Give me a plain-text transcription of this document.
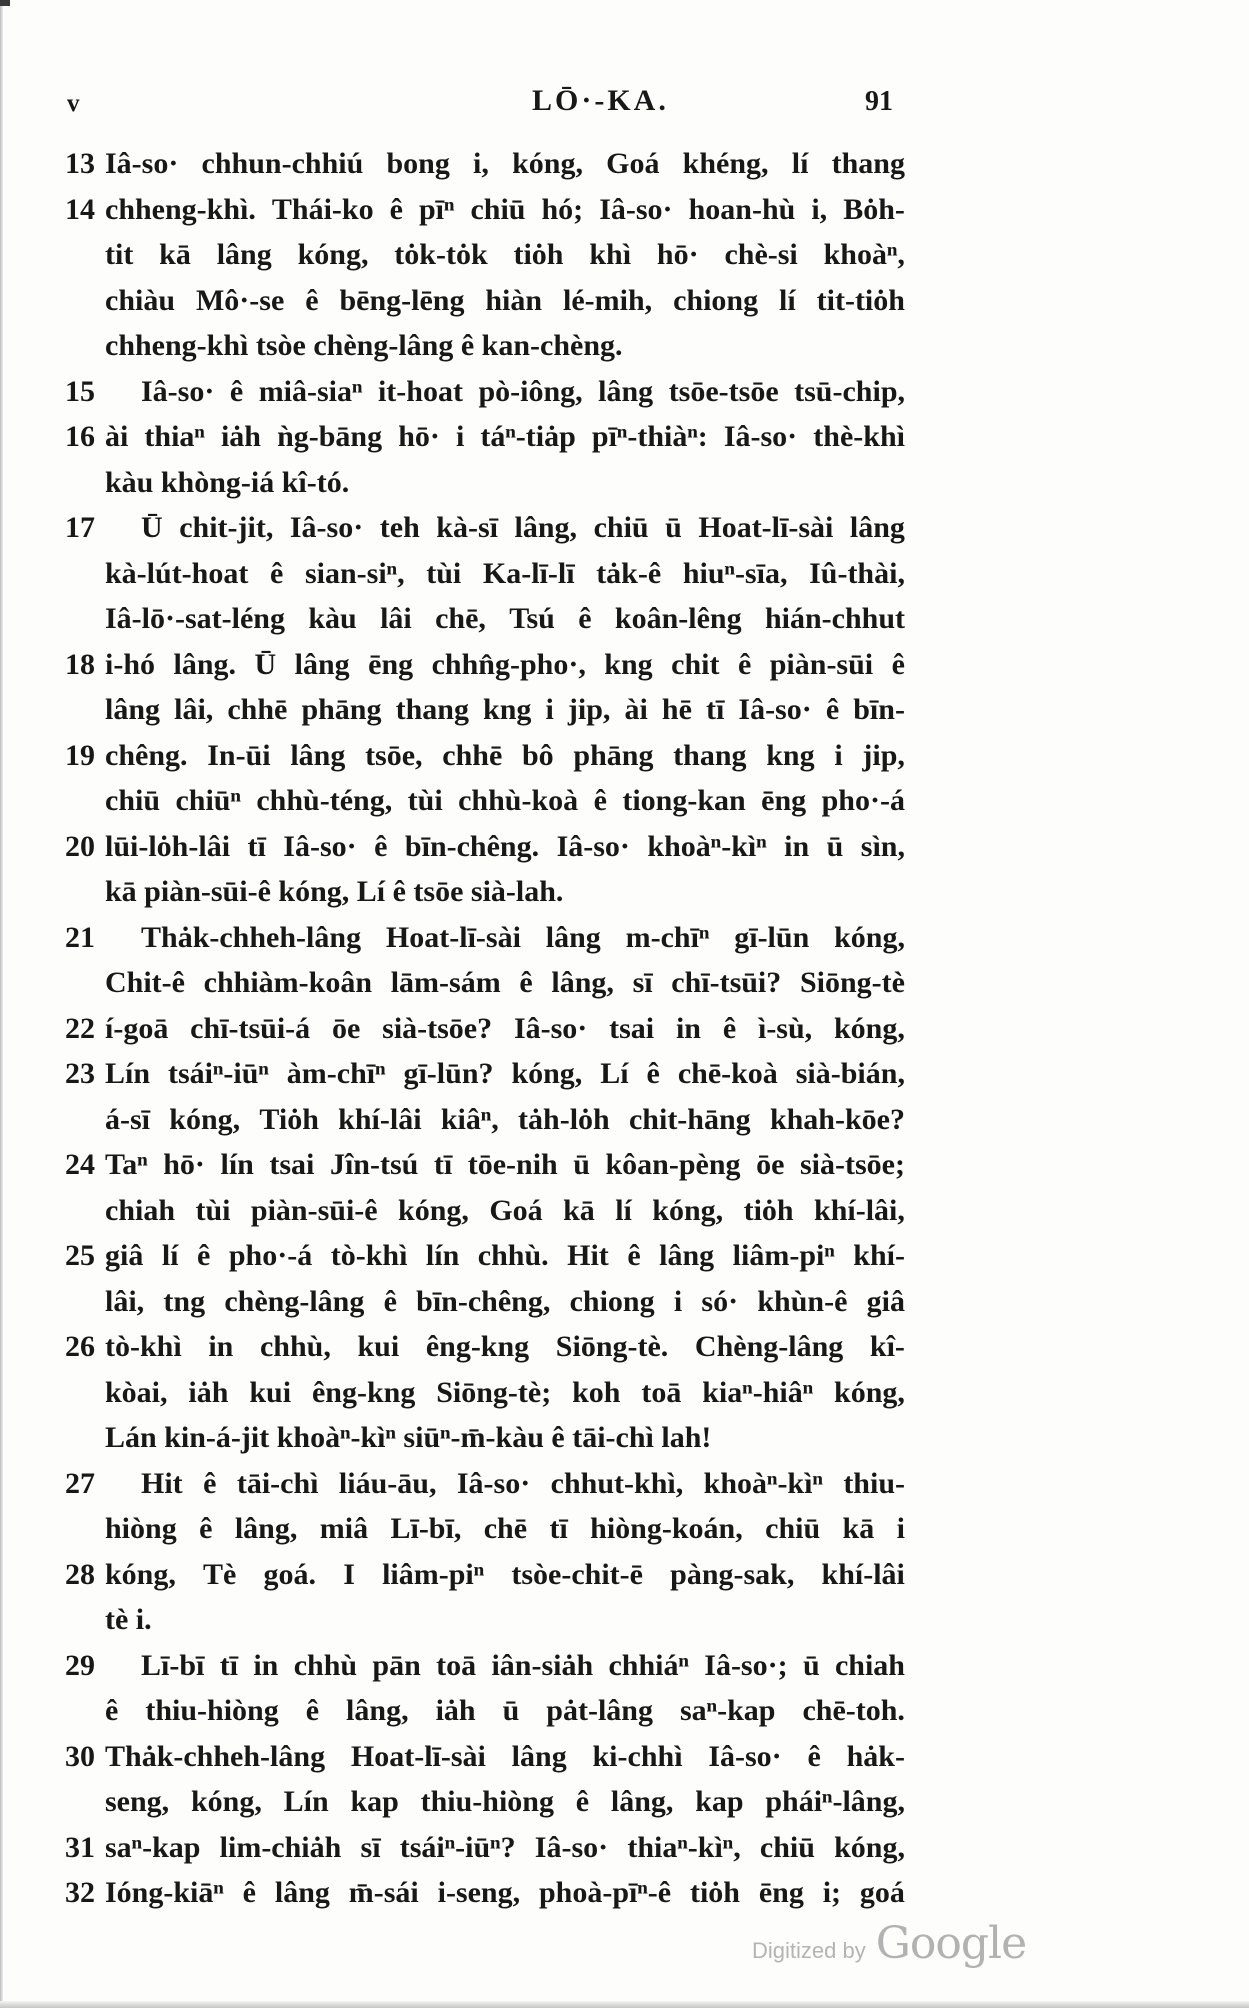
v	LŌ·-KA.	91
13 Iâ-so· chhun-chhiú bong i, kóng, Goá khéng, lí thang
14 chheng-khì. Thái-ko ê pīⁿ chiū hó; Iâ-so· hoan-hù i, Bȯh-
tit kā lâng kóng, tȯk-tȯk tiȯh khì hō· chè-si khoàⁿ,
chiàu Mô·-se ê bēng-lēng hiàn lé-mih, chiong lí tit-tiȯh
chheng-khì tsòe chèng-lâng ê kan-chèng.
15	Iâ-so· ê miâ-siaⁿ it-hoat pò-iông, lâng tsōe-tsōe tsū-chip,
16 ài thiaⁿ iȧh ǹg-bāng hō· i táⁿ-tiȧp pīⁿ-thiàⁿ: Iâ-so· thè-khì
kàu khòng-iá kî-tó.
17	Ū chit-jit, Iâ-so· teh kà-sī lâng, chiū ū Hoat-lī-sài lâng
kà-lút-hoat ê sian-siⁿ, tùi Ka-lī-lī tȧk-ê hiuⁿ-sīa, Iû-thài,
Iâ-lō·-sat-léng kàu lâi chē, Tsú ê koân-lêng hián-chhut
18 i-hó lâng. Ū lâng ēng chhn̂g-pho·, kng chit ê piàn-sūi ê
lâng lâi, chhē phāng thang kng i jip, ài hē tī Iâ-so· ê bīn-
19 chêng. In-ūi lâng tsōe, chhē bô phāng thang kng i jip,
chiū chiūⁿ chhù-téng, tùi chhù-koà ê tiong-kan ēng pho·-á
20 lūi-lȯh-lâi tī Iâ-so· ê bīn-chêng. Iâ-so· khoàⁿ-kìⁿ in ū sìn,
kā piàn-sūi-ê kóng, Lí ê tsōe sià-lah.
21	Thȧk-chheh-lâng Hoat-lī-sài lâng m-chīⁿ gī-lūn kóng,
Chit-ê chhiàm-koân lām-sám ê lâng, sī chī-tsūi? Siōng-tè
22 í-goā chī-tsūi-á ōe sià-tsōe? Iâ-so· tsai in ê ì-sù, kóng,
23 Lín tsáiⁿ-iūⁿ àm-chīⁿ gī-lūn? kóng, Lí ê chē-koà sià-bián,
á-sī kóng, Tiȯh khí-lâi kiâⁿ, tȧh-lȯh chit-hāng khah-kōe?
24 Taⁿ hō· lín tsai Jîn-tsú tī tōe-nih ū kôan-pèng ōe sià-tsōe;
chiah tùi piàn-sūi-ê kóng, Goá kā lí kóng, tiȯh khí-lâi,
25 giâ lí ê pho·-á tò-khì lín chhù. Hit ê lâng liâm-piⁿ khí-
lâi, tng chèng-lâng ê bīn-chêng, chiong i só· khùn-ê giâ
26 tò-khì in chhù, kui êng-kng Siōng-tè. Chèng-lâng kî-
kòai, iȧh kui êng-kng Siōng-tè; koh toā kiaⁿ-hiâⁿ kóng,
Lán kin-á-jit khoàⁿ-kìⁿ siūⁿ-m̄-kàu ê tāi-chì lah!
27	Hit ê tāi-chì liáu-āu, Iâ-so· chhut-khì, khoàⁿ-kìⁿ thiu-
hiòng ê lâng, miâ Lī-bī, chē tī hiòng-koán, chiū kā i
28 kóng, Tè goá. I liâm-piⁿ tsòe-chit-ē pàng-sak, khí-lâi
tè i.
29	Lī-bī tī in chhù pān toā iân-siȧh chhiáⁿ Iâ-so·; ū chiah
ê thiu-hiòng ê lâng, iȧh ū pȧt-lâng saⁿ-kap chē-toh.
30 Thȧk-chheh-lâng Hoat-lī-sài lâng ki-chhì Iâ-so· ê hȧk-
seng, kóng, Lín kap thiu-hiòng ê lâng, kap pháiⁿ-lâng,
31 saⁿ-kap lim-chiȧh sī tsáiⁿ-iūⁿ? Iâ-so· thiaⁿ-kìⁿ, chiū kóng,
32 Ióng-kiāⁿ ê lâng m̄-sái i-seng, phoà-pīⁿ-ê tiȯh ēng i; goá
Digitized by Google
